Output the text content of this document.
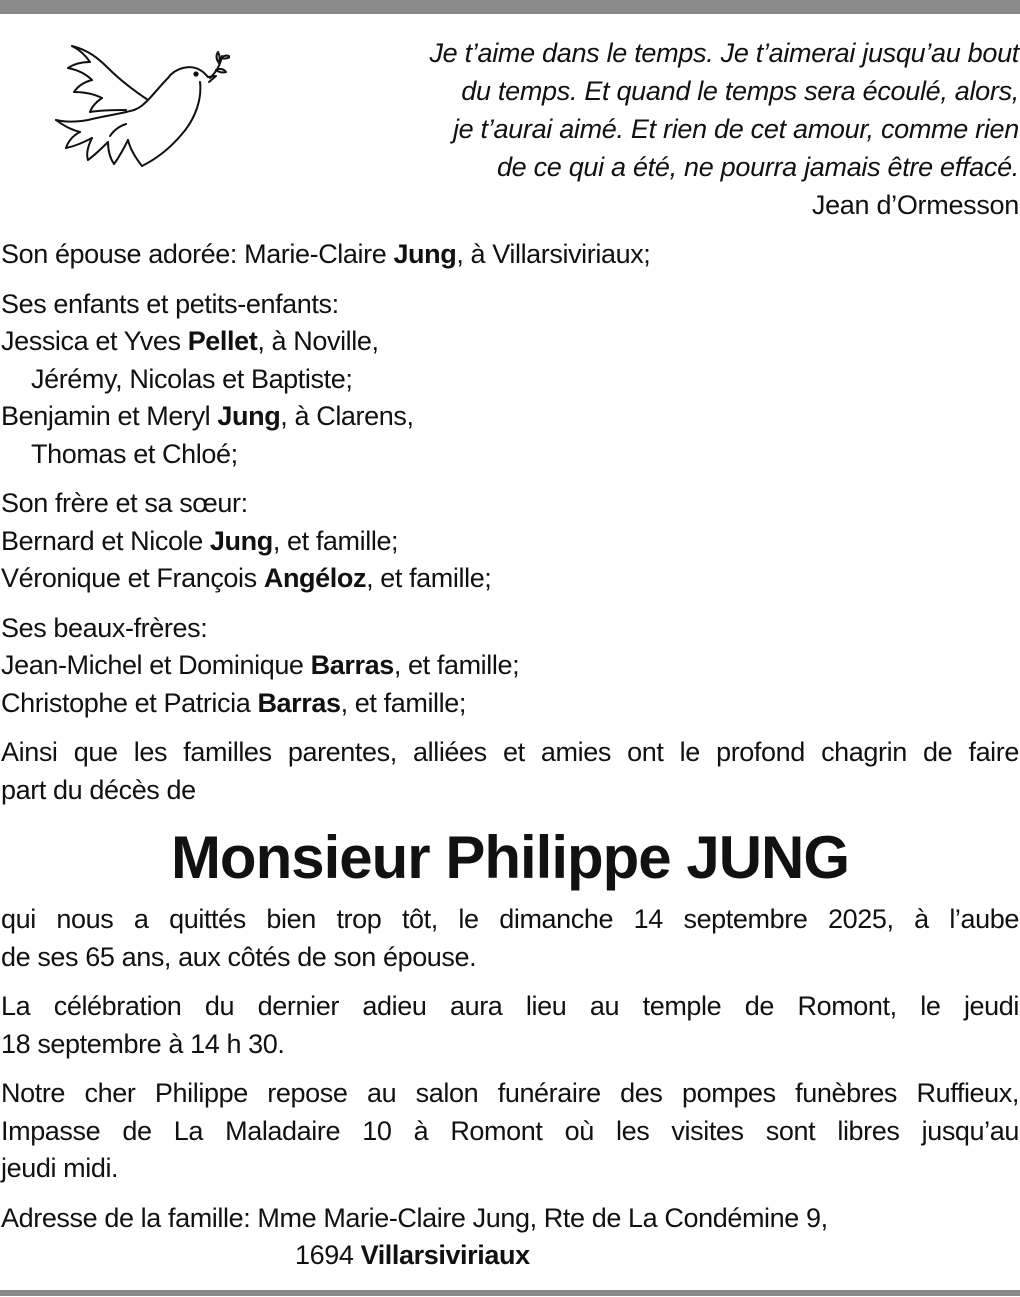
Je t’aime dans le temps. Je t’aimerai jusqu’au bout
du temps. Et quand le temps sera écoulé, alors,
je t’aurai aimé. Et rien de cet amour, comme rien
de ce qui a été, ne pourra jamais être effacé.
Jean d’Ormesson
Son épouse adorée: Marie-Claire Jung, à Villarsiviriaux;
Ses enfants et petits-enfants:
Jessica et Yves Pellet, à Noville,
Jérémy, Nicolas et Baptiste;
Benjamin et Meryl Jung, à Clarens,
Thomas et Chloé;
Son frère et sa sœur:
Bernard et Nicole Jung, et famille;
Véronique et François Angéloz, et famille;
Ses beaux-frères:
Jean-Michel et Dominique Barras, et famille;
Christophe et Patricia Barras, et famille;
Ainsi que les familles parentes, alliées et amies ont le profond chagrin de faire
part du décès de
Monsieur Philippe JUNG
qui nous a quittés bien trop tôt, le dimanche 14 septembre 2025, à l’aube
de ses 65 ans, aux côtés de son épouse.
La célébration du dernier adieu aura lieu au temple de Romont, le jeudi
18 septembre à 14 h 30.
Notre cher Philippe repose au salon funéraire des pompes funèbres Ruffieux,
Impasse de La Maladaire 10 à Romont où les visites sont libres jusqu’au
jeudi midi.
Adresse de la famille: Mme Marie-Claire Jung, Rte de La Condémine 9,
1694 Villarsiviriaux
